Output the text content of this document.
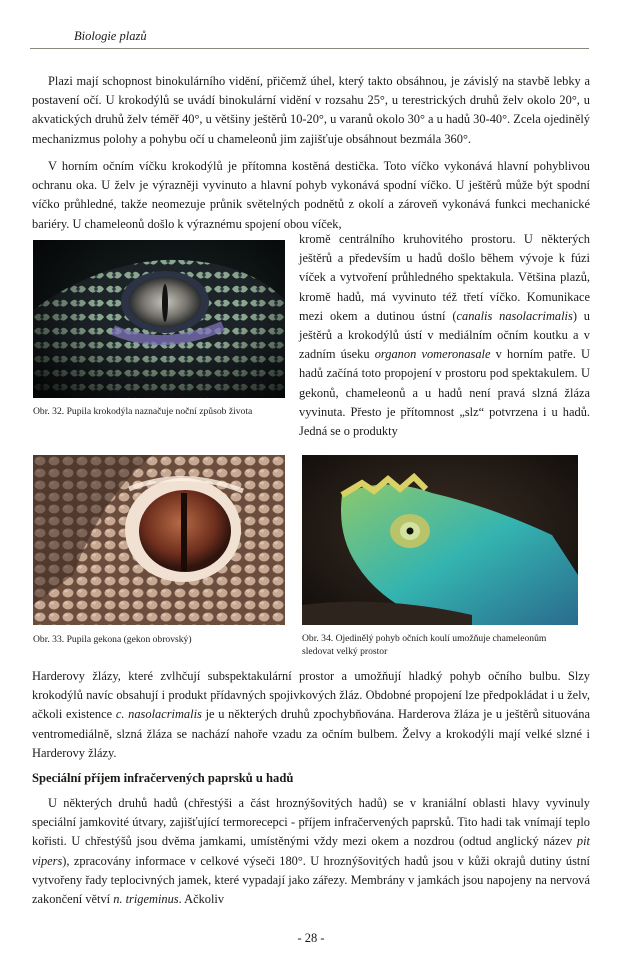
Biologie plazů

Plazi mají schopnost binokulárního vidění, přičemž úhel, který takto obsáhnou, je závislý na stavbě lebky a postavení očí. U krokodýlů se uvádí binokulární vidění v rozsahu 25°, u terestrických druhů želv okolo 20°, u akvatických druhů želv téměř 40°, u většiny ještěrů 10-20°, u varanů okolo 30° a u hadů 30-40°. Zcela ojedinělý mechanizmus polohy a pohybu očí u chameleonů jim zajišťuje obsáhnout bezmála 360°.

V horním očním víčku krokodýlů je přítomna kostěná destička. Toto víčko vykonává hlavní pohyblivou ochranu oka. U želv je výrazněji vyvinuto a hlavní pohyb vykonává spodní víčko. U ještěrů může být spodní víčko průhledné, takže neomezuje průnik světelných podnětů z okolí a zároveň vykonává funkci mechanické bariéry. U chameleonů došlo k výraznému spojení obou víček,

Obr. 32. Pupila krokodýla naznačuje noční způsob života

kromě centrálního kruhovitého prostoru. U některých ještěrů a především u hadů došlo během vývoje k fúzi víček a vytvoření průhledného spektakula. Většina plazů, kromě hadů, má vyvinuto též třetí víčko. Komunikace mezi okem a dutinou ústní (canalis nasolacrimalis) u ještěrů a krokodýlů ústí v mediálním očním koutku a v zadním úseku organon vomeronasale v horním patře. U hadů začíná toto propojení v prostoru pod spektakulem. U gekonů, chameleonů a u hadů není pravá slzná žláza vyvinuta. Přesto je přítomnost „slz“ potvrzena i u hadů. Jedná se o produkty

Obr. 33. Pupila gekona (gekon obrovský)	Obr. 34. Ojedinělý pohyb očních koulí umožňuje chameleonům sledovat velký prostor

Harderovy žlázy, které zvlhčují subspektakulární prostor a umožňují hladký pohyb očního bulbu. Slzy krokodýlů navíc obsahují i produkt přídavných spojivkových žláz. Obdobné propojení lze předpokládat i u želv, ačkoli existence c. nasolacrimalis je u některých druhů zpochybňována. Harderova žláza je u ještěrů situována ventromediálně, slzná žláza se nachází nahoře vzadu za očním bulbem. Želvy a krokodýli mají velké slzné i Harderovy žlázy.

Speciální příjem infračervených paprsků u hadů

U některých druhů hadů (chřestýši a část hroznýšovitých hadů) se v kraniální oblasti hlavy vyvinuly speciální jamkovité útvary, zajišťující termorecepci - příjem infračervených paprsků. Tito hadi tak vnímají teplo kořisti. U chřestýšů jsou dvěma jamkami, umístěnými vždy mezi okem a nozdrou (odtud anglický název pit vipers), zpracovány informace v celkové výseči 180°. U hroznýšovitých hadů jsou v kůži okrajů dutiny ústní vytvořeny řady teplocivných jamek, které vypadají jako zářezy. Membrány v jamkách jsou napojeny na nervová zakončení větví n. trigeminus. Ačkoliv

- 28 -
